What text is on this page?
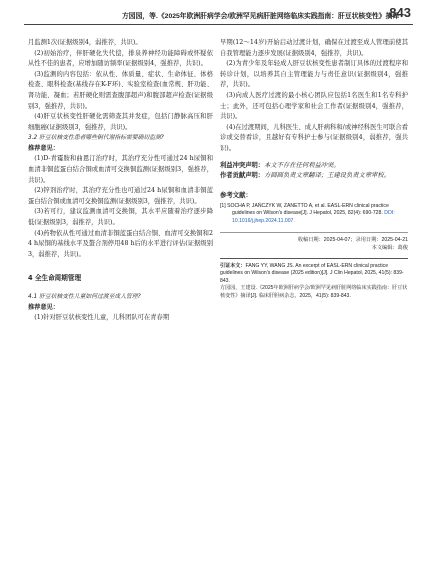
方园园，等.《2025年欧洲肝病学会/欧洲罕见病肝脏网络临床实践指南：肝豆状核变性》摘译
843

月监测1次(证据级别4，弱推荐，共识)。

(2)初始治疗，伴肝硬化失代偿，排泉养神经功能障碍或怀疑依从性不佳的患者，应增加随访频率(证据级别4，强推荐，共识)。

(3)监测的内容包括：依从性、体质量、症状、生命体征、体格检查、眼科检查(基线存在K-F环)、实验室检查(血常规、肝功能、肾功能、凝血；若肝硬化则需查腹部超声)和腹部超声检查(证据级别3，强推荐，共识)。

(4)肝豆状核变性肝硬化需筛查其并发症，包括门静脉高压和肝细胞癌(证据级别3，强推荐，共识)。

3.2 肝豆状核变性患者哪些铜代谢指标需要确切监测?

推荐意见：

(1)D-青霉胺和曲恩汀治疗时，其治疗充分性可通过24 h尿铜和血清非铜蓝蛋白结合铜或血清可交换铜监测(证据级别3，强推荐，共识)。

(2)锌剂治疗时，其治疗充分性也可通过24 h尿铜和血清非铜蓝蛋白结合铜或血清可交换铜监测(证据级别3，强推荐，共识)。

(3)若可行，建议监测血清可交换铜，其水平应随着治疗逐步降低(证据级别3，弱推荐，共识)。

(4)药物依从性可通过血清非铜蓝蛋白结合铜、血清可交换铜和24 h尿铜的基线水平及螯合剂停用48 h后的水平进行评估(证据级别3，弱推荐，共识)。

4 全生命周期管理

4.1 肝豆状核变性儿童如何过渡至成人管理?

推荐意见：

(1)针对肝豆状核变性儿童，儿科团队可在青春期

早期(12～14岁)开始启动过渡计划，确保在过渡至成人管理前使其自我管理能力逐步发展(证据级别4，强推荐，共识)。

(2)为青少年及年轻成人肝豆状核变性患者制订具体的过渡程序和转诊计划，以培养其自主管理能力与责任意识(证据级别4，强推荐，共识)。

(3)向成人医疗过渡的最小核心团队应包括1名医生和1名专科护士；此外，还可包括心理学家和社会工作者(证据级别4，强推荐，共识)。

(4)在过渡期间，儿科医生、成人肝病科和/或神经科医生可联合看诊或交替看诊，且越好有专科护士参与(证据级别4，弱推荐，强共识)。

利益冲突声明：本文不存在任何利益冲突。

作者贡献声明：方圆圆负责文章翻译；王建设负责文章审校。

参考文献：

[1] SOCHA P, JAŃCZYK W, ZANETTO A, et al. EASL-ERN clinical practice guidelines on Wilson's disease[J]. J Hepatol, 2025, 82(4): 690-728. DOI: 10.1016/j.jhep.2024.11.007.

收稿日期：2025-04-07；录用日期：2025-04-21
本文编辑：葛俊
引证本文：FANG YY, WANG JS. An excerpt of EASL-ERN clinical practice guidelines on Wilson's disease (2025 edition)[J]. J Clin Hepatol, 2025, 41(5): 839-843.
方园园，王建设.《2025年欧洲肝病学会/欧洲罕见病肝脏网络临床实践指南：肝豆状核变性》摘译[J]. 临床肝胆病杂志，2025，41(5): 839-843.
